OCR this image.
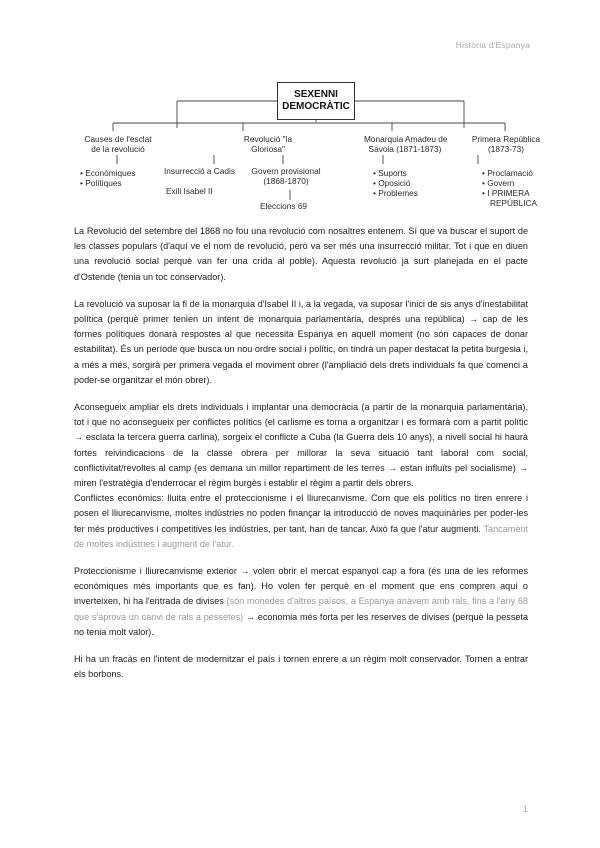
Història d'Espanya
SEXENNI
DEMOCRÀTIC
Causes de l'esclat
de la revolució
• Econòmiques
• Polítiques
Revolució "la
Gloriosa"
Insurrecció a Cadis
Exili Isabel II
Govern provisional
(1868-1870)
Eleccions 69
Monarquia Amadeu de
Savoia (1871-1873)
• Suports
• Oposició
• Problemes
Primera República
(1873-73)
• Proclamació
• Govern
• I PRIMERA
REPÚBLICA

La Revolució del setembre del 1868 no fou una revolució com nosaltres entenem. Sí que va buscar el suport de les classes populars (d'aquí ve el nom de revolució, però va ser més una insurrecció militar. Tot i que en diuen una revolució social perquè van fer una crida al poble). Aquesta revolució ja surt planejada en el pacte d'Ostende (tenia un toc conservador).

La revolució va suposar la fi de la monarquia d'Isabel II i, a la vegada, va suposar l'inici de sis anys d'inestabilitat política (perquè primer tenien un intent de monarquia parlamentària, després una república) → cap de les formes polítiques donarà respostes al que necessita Espanya en aquell moment (no són capaces de donar estabilitat). És un període que busca un nou ordre social i polític, on tindrà un paper destacat la petita burgesia i, a més a més, sorgirà per primera vegada el moviment obrer (l'ampliació dels drets individuals fa que comenci a poder-se organitzar el món obrer).

Aconsegueix ampliar els drets individuals i implantar una democràcia (a partir de la monarquia parlamentària), tot i que no aconsegueix per conflictes polítics (el carlisme es torna a organitzar i es formarà com a partit polític → esclata la tercera guerra carlina), sorgeix el conflicte a Cuba (la Guerra dels 10 anys), a nivell social hi haurà fortes reivindicacions de la classe obrera per millorar la seva situació tant laboral com social, conflictivitat/revoltes al camp (es demana un millor repartiment de les terres → estan influïts pel socialisme) → miren l'estratègia d'enderrocar el règim burgès i establir el règim a partir dels obrers.

Conflictes econòmics: lluita entre el proteccionisme i el lliurecanvisme. Com que els polítics no tiren enrere i posen el lliurecanvisme, moltes indústries no poden finançar la introducció de noves maquinàries per poder-les fer més productives i competitives les indústries, per tant, han de tancar. Això fa que l'atur augmenti. Tancament de moltes indústries i augment de l'atur.

Proteccionisme i lliurecanvisme exterior → volen obrir el mercat espanyol cap a fora (és una de les reformes econòmiques més importants que es fan). Ho volen fer perquè en el moment que ens compren aquí o inverteixen, hi ha l'entrada de divises (són monedes d'altres països, a Espanya anàvem amb rals, fins a l'any 68 que s'aprova un canvi de rals a pessetes) → economia més forta per les reserves de divises (perquè la pesseta no tenia molt valor).

Hi ha un fracàs en l'intent de modernitzar el país i tornen enrere a un règim molt conservador. Tornen a entrar els borbons.

1
